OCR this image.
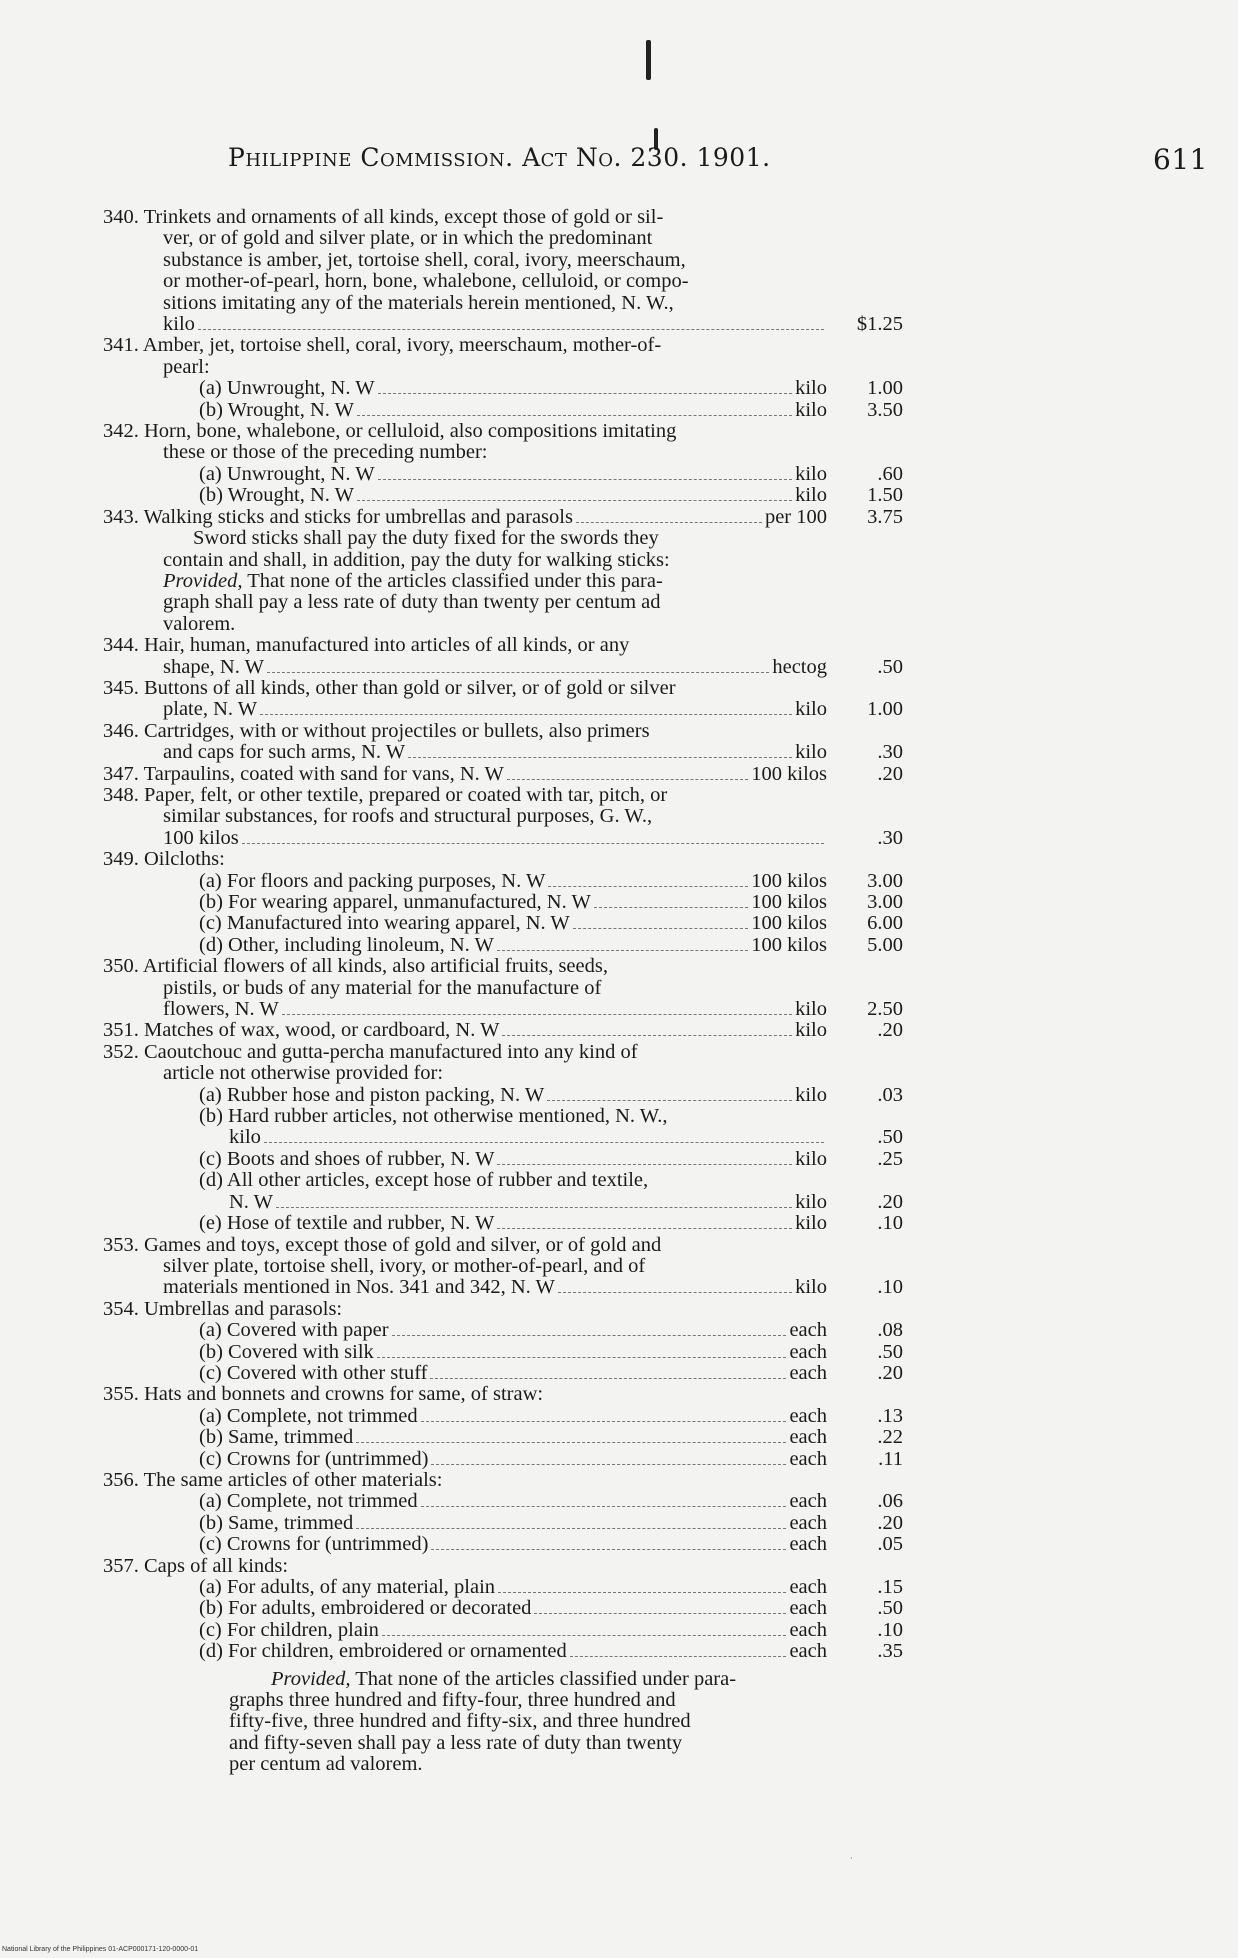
Philippine Commission. Act No. 230. 1901.	611
340. Trinkets and ornaments of all kinds, except those of gold or sil-
ver, or of gold and silver plate, or in which the predominant
substance is amber, jet, tortoise shell, coral, ivory, meerschaum,
or mother-of-pearl, horn, bone, whalebone, celluloid, or compo-
sitions imitating any of the materials herein mentioned, N. W.,
kilo	$1.25
341. Amber, jet, tortoise shell, coral, ivory, meerschaum, mother-of-
pearl:
(a) Unwrought, N. W	kilo	1.00
(b) Wrought, N. W	kilo	3.50
342. Horn, bone, whalebone, or celluloid, also compositions imitating
these or those of the preceding number:
(a) Unwrought, N. W	kilo	.60
(b) Wrought, N. W	kilo	1.50
343. Walking sticks and sticks for umbrellas and parasols	per 100	3.75
Sword sticks shall pay the duty fixed for the swords they
contain and shall, in addition, pay the duty for walking sticks:
Provided, That none of the articles classified under this para-
graph shall pay a less rate of duty than twenty per centum ad
valorem.
344. Hair, human, manufactured into articles of all kinds, or any
shape, N. W	hectog	.50
345. Buttons of all kinds, other than gold or silver, or of gold or silver
plate, N. W	kilo	1.00
346. Cartridges, with or without projectiles or bullets, also primers
and caps for such arms, N. W	kilo	.30
347. Tarpaulins, coated with sand for vans, N. W	100 kilos	.20
348. Paper, felt, or other textile, prepared or coated with tar, pitch, or
similar substances, for roofs and structural purposes, G. W.,
100 kilos	.30
349. Oilcloths:
(a) For floors and packing purposes, N. W	100 kilos	3.00
(b) For wearing apparel, unmanufactured, N. W	100 kilos	3.00
(c) Manufactured into wearing apparel, N. W	100 kilos	6.00
(d) Other, including linoleum, N. W	100 kilos	5.00
350. Artificial flowers of all kinds, also artificial fruits, seeds,
pistils, or buds of any material for the manufacture of
flowers, N. W	kilo	2.50
351. Matches of wax, wood, or cardboard, N. W	kilo	.20
352. Caoutchouc and gutta-percha manufactured into any kind of
article not otherwise provided for:
(a) Rubber hose and piston packing, N. W	kilo	.03
(b) Hard rubber articles, not otherwise mentioned, N. W.,
kilo	.50
(c) Boots and shoes of rubber, N. W	kilo	.25
(d) All other articles, except hose of rubber and textile,
N. W	kilo	.20
(e) Hose of textile and rubber, N. W	kilo	.10
353. Games and toys, except those of gold and silver, or of gold and
silver plate, tortoise shell, ivory, or mother-of-pearl, and of
materials mentioned in Nos. 341 and 342, N. W	kilo	.10
354. Umbrellas and parasols:
(a) Covered with paper	each	.08
(b) Covered with silk	each	.50
(c) Covered with other stuff	each	.20
355. Hats and bonnets and crowns for same, of straw:
(a) Complete, not trimmed	each	.13
(b) Same, trimmed	each	.22
(c) Crowns for (untrimmed)	each	.11
356. The same articles of other materials:
(a) Complete, not trimmed	each	.06
(b) Same, trimmed	each	.20
(c) Crowns for (untrimmed)	each	.05
357. Caps of all kinds:
(a) For adults, of any material, plain	each	.15
(b) For adults, embroidered or decorated	each	.50
(c) For children, plain	each	.10
(d) For children, embroidered or ornamented	each	.35
Provided, That none of the articles classified under para-
graphs three hundred and fifty-four, three hundred and
fifty-five, three hundred and fifty-six, and three hundred
and fifty-seven shall pay a less rate of duty than twenty
per centum ad valorem.
·
National Library of the Philippines 01-ACP000171-120-0000-01
